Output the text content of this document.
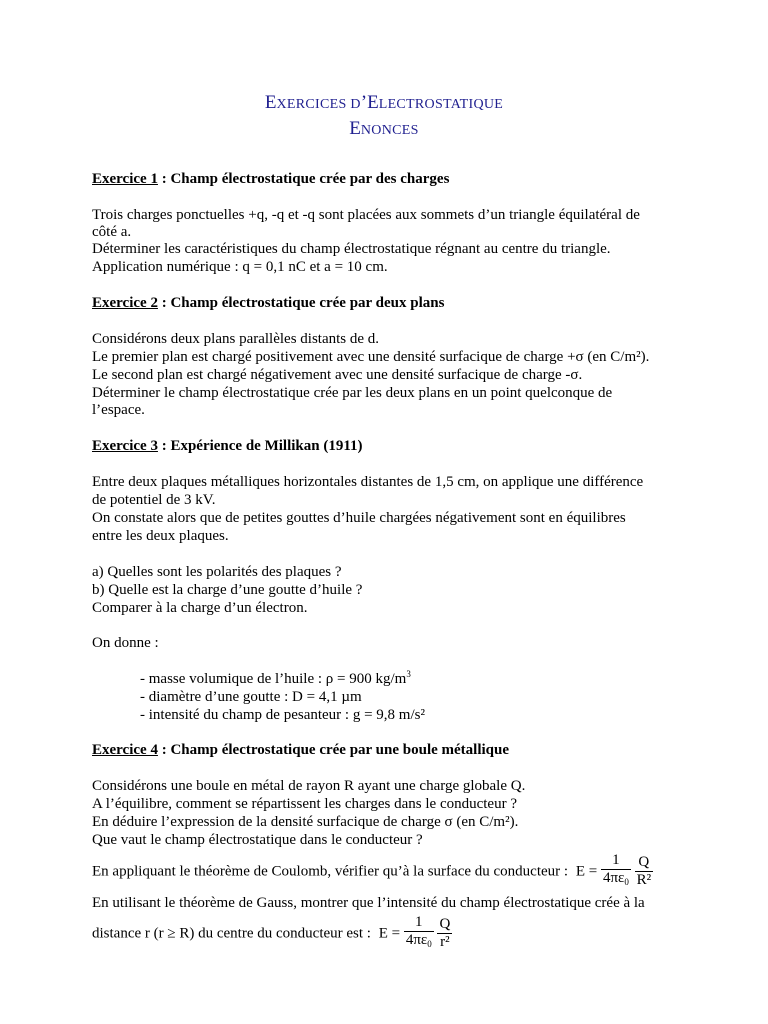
EXERCICES D’ELECTROSTATIQUE
ENONCES
Exercice 1 : Champ électrostatique crée par des charges
Trois charges ponctuelles +q, -q et -q sont placées aux sommets d’un triangle équilatéral de
côté a.
Déterminer les caractéristiques du champ électrostatique régnant au centre du triangle.
Application numérique : q = 0,1 nC et a = 10 cm.
Exercice 2 : Champ électrostatique crée par deux plans
Considérons deux plans parallèles distants de d.
Le premier plan est chargé positivement avec une densité surfacique de charge +σ (en C/m²).
Le second plan est chargé négativement avec une densité surfacique de charge -σ.
Déterminer le champ électrostatique crée par les deux plans en un point quelconque de
l’espace.
Exercice 3 : Expérience de Millikan (1911)
Entre deux plaques métalliques horizontales distantes de 1,5 cm, on applique une différence
de potentiel de 3 kV.
On constate alors que de petites gouttes d’huile chargées négativement sont en équilibres
entre les deux plaques.
a) Quelles sont les polarités des plaques ?
b) Quelle est la charge d’une goutte d’huile ?
Comparer à la charge d’un électron.
On donne :
- masse volumique de l’huile : ρ = 900 $kg/m^3$
- diamètre d’une goutte : D = 4,1 µm
- intensité du champ de pesanteur : g = 9,8 m/s²
Exercice 4 : Champ électrostatique crée par une boule métallique
Considérons une boule en métal de rayon R ayant une charge globale Q.
A l’équilibre, comment se répartissent les charges dans le conducteur ?
En déduire l’expression de la densité surfacique de charge σ (en C/m²).
Que vaut le champ électrostatique dans le conducteur ?
En appliquant le théorème de Coulomb, vérifier qu’à la surface du conducteur : $E = \frac{1}{4\pi\varepsilon_0}$
$\frac{Q}{\text{R²}}$
En utilisant le théorème de Gauss, montrer que l’intensité du champ électrostatique crée à la
distance r (r ≥ R) du centre du conducteur est : $E = \frac{1}{4\pi\varepsilon_0}$
$\frac{Q}{\text{r²}}$
